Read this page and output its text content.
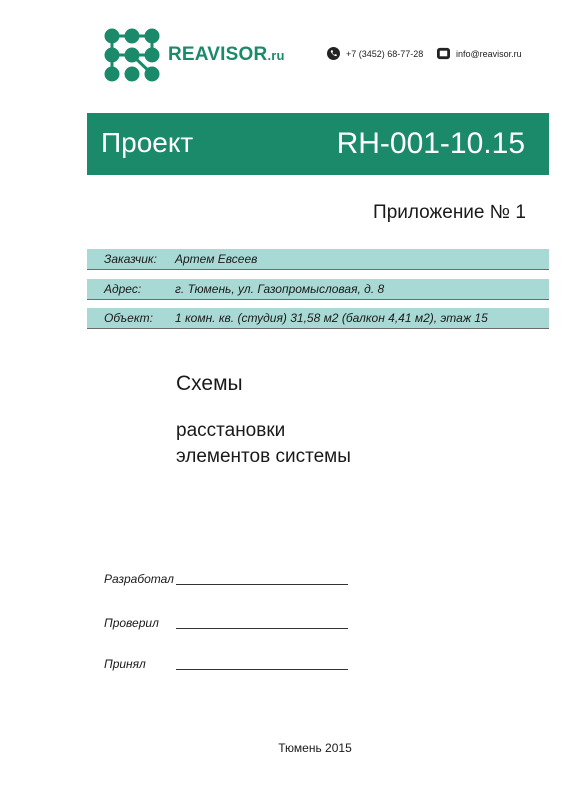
REAVISOR.ru	+7 (3452) 68-77-28	info@reavisor.ru
Проект	RH-001-10.15
Приложение № 1
Заказчик: Артем Евсеев
Адрес:	г. Тюмень, ул. Газопромысловая, д. 8
Объект: 1 комн. кв. (студия) 31,58 м2 (балкон 4,41 м2), этаж 15
Схемы
расстановки
элементов системы
Разработал
Проверил
Принял
Тюмень 2015
